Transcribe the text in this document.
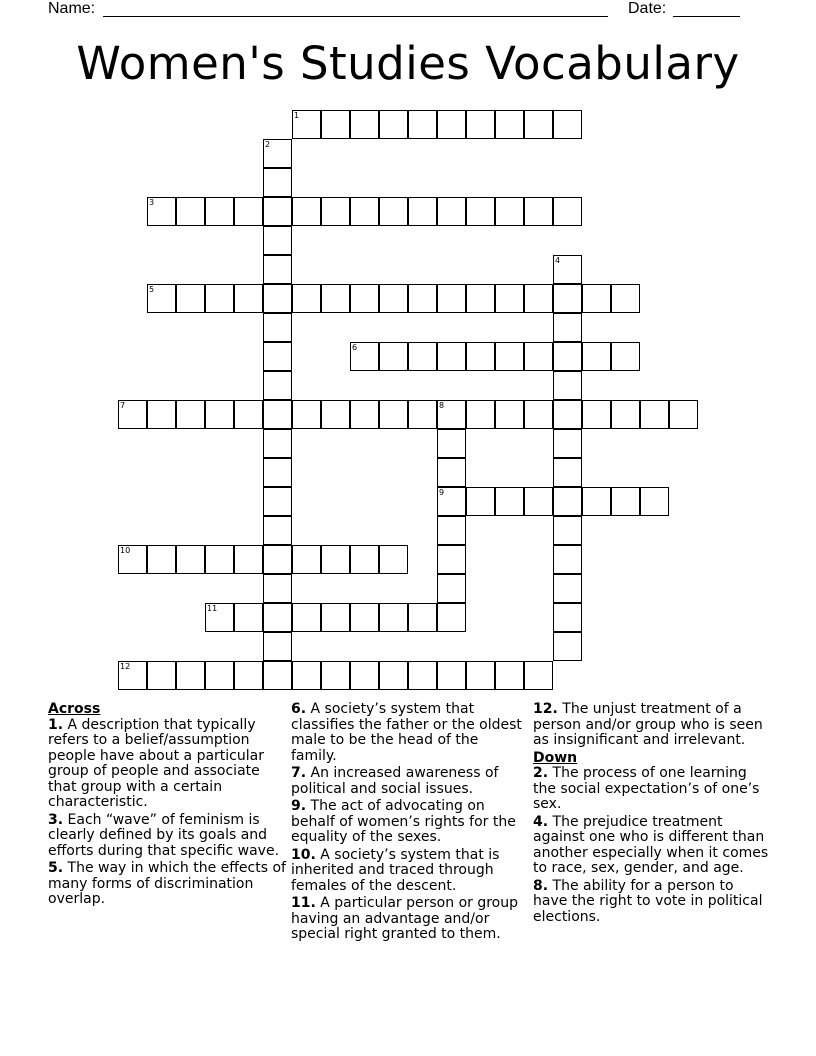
Name:	Date:
Women's Studies Vocabulary
1
2
3
4
5
6
7	8
9
10
11
12
Across
1. A description that typically refers to a belief/assumption people have about a particular group of people and associate that group with a certain characteristic.
3. Each “wave” of feminism is clearly defined by its goals and efforts during that specific wave.
5. The way in which the effects of many forms of discrimination overlap.
6. A society’s system that classifies the father or the oldest male to be the head of the family.
7. An increased awareness of political and social issues.
9. The act of advocating on behalf of women’s rights for the equality of the sexes.
10. A society’s system that is inherited and traced through females of the descent.
11. A particular person or group having an advantage and/or special right granted to them.
12. The unjust treatment of a person and/or group who is seen as insignificant and irrelevant.
Down
2. The process of one learning the social expectation’s of one’s sex.
4. The prejudice treatment against one who is different than another especially when it comes to race, sex, gender, and age.
8. The ability for a person to have the right to vote in political elections.
